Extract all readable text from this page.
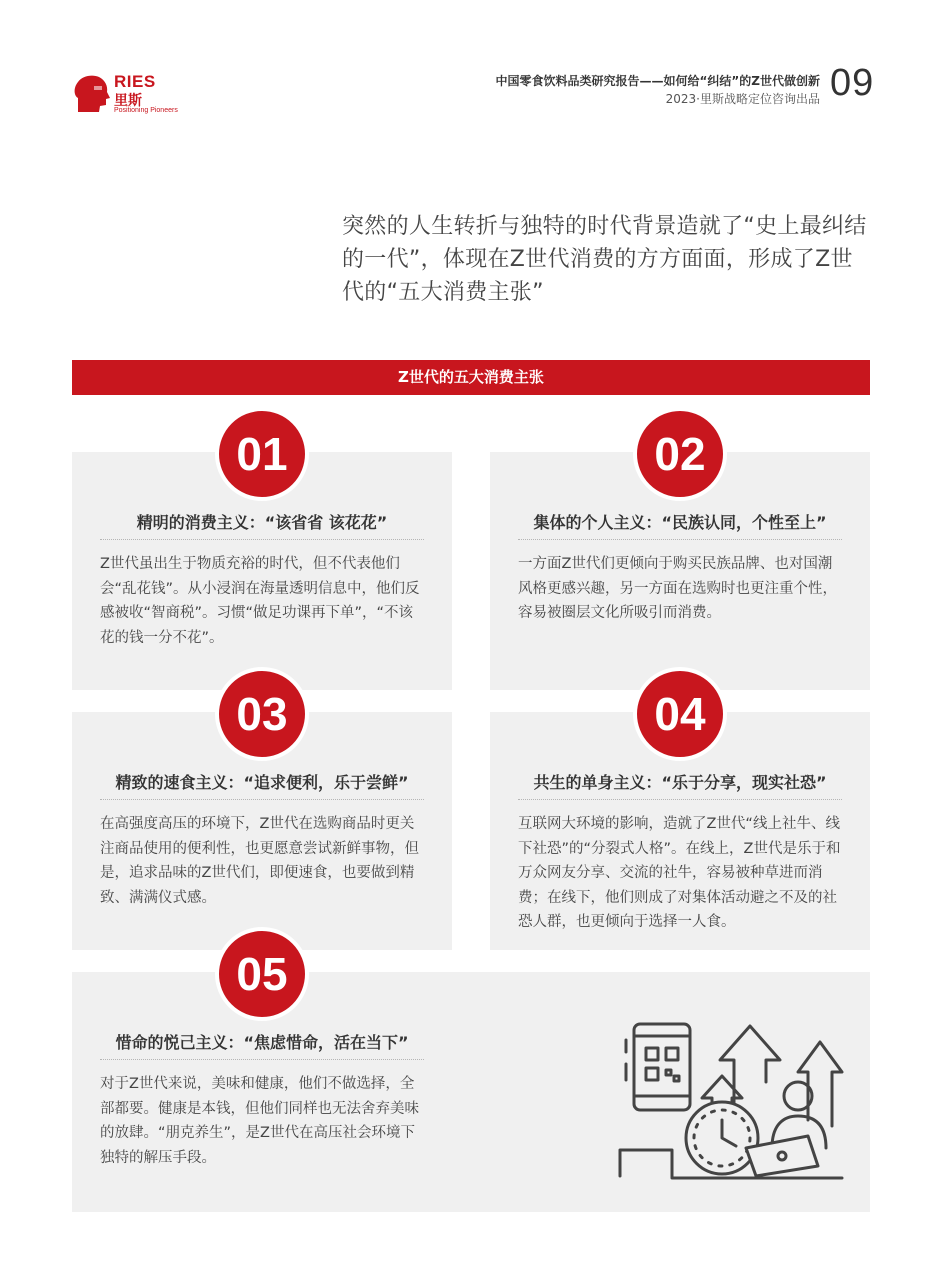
RIES
里斯
Positioning Pioneers
中国零食饮料品类研究报告——如何给“纠结”的Z世代做创新
2023·里斯战略定位咨询出品 09
突然的人生转折与独特的时代背景造就了“史上最纠结的一代”，体现在Z世代消费的方方面面，形成了Z世代的“五大消费主张”
Z世代的五大消费主张
精明的消费主义：“该省省 该花花”
Z世代虽出生于物质充裕的时代，但不代表他们会“乱花钱”。从小浸润在海量透明信息中，他们反感被收“智商税”。习惯“做足功课再下单”，“不该花的钱一分不花”。
01
集体的个人主义：“民族认同，个性至上”
一方面Z世代们更倾向于购买民族品牌、也对国潮风格更感兴趣，另一方面在选购时也更注重个性，容易被圈层文化所吸引而消费。
02
精致的速食主义：“追求便利，乐于尝鲜”
在高强度高压的环境下，Z世代在选购商品时更关注商品使用的便利性，也更愿意尝试新鲜事物，但是，追求品味的Z世代们，即便速食，也要做到精致、满满仪式感。
03
共生的单身主义：“乐于分享，现实社恐”
互联网大环境的影响，造就了Z世代“线上社牛、线下社恐”的“分裂式人格”。在线上，Z世代是乐于和万众网友分享、交流的社牛，容易被种草进而消费；在线下，他们则成了对集体活动避之不及的社恐人群，也更倾向于选择一人食。
04
惜命的悦己主义：“焦虑惜命，活在当下”
对于Z世代来说，美味和健康，他们不做选择，全部都要。健康是本钱，但他们同样也无法舍弃美味的放肆。“朋克养生”，是Z世代在高压社会环境下独特的解压手段。
05
